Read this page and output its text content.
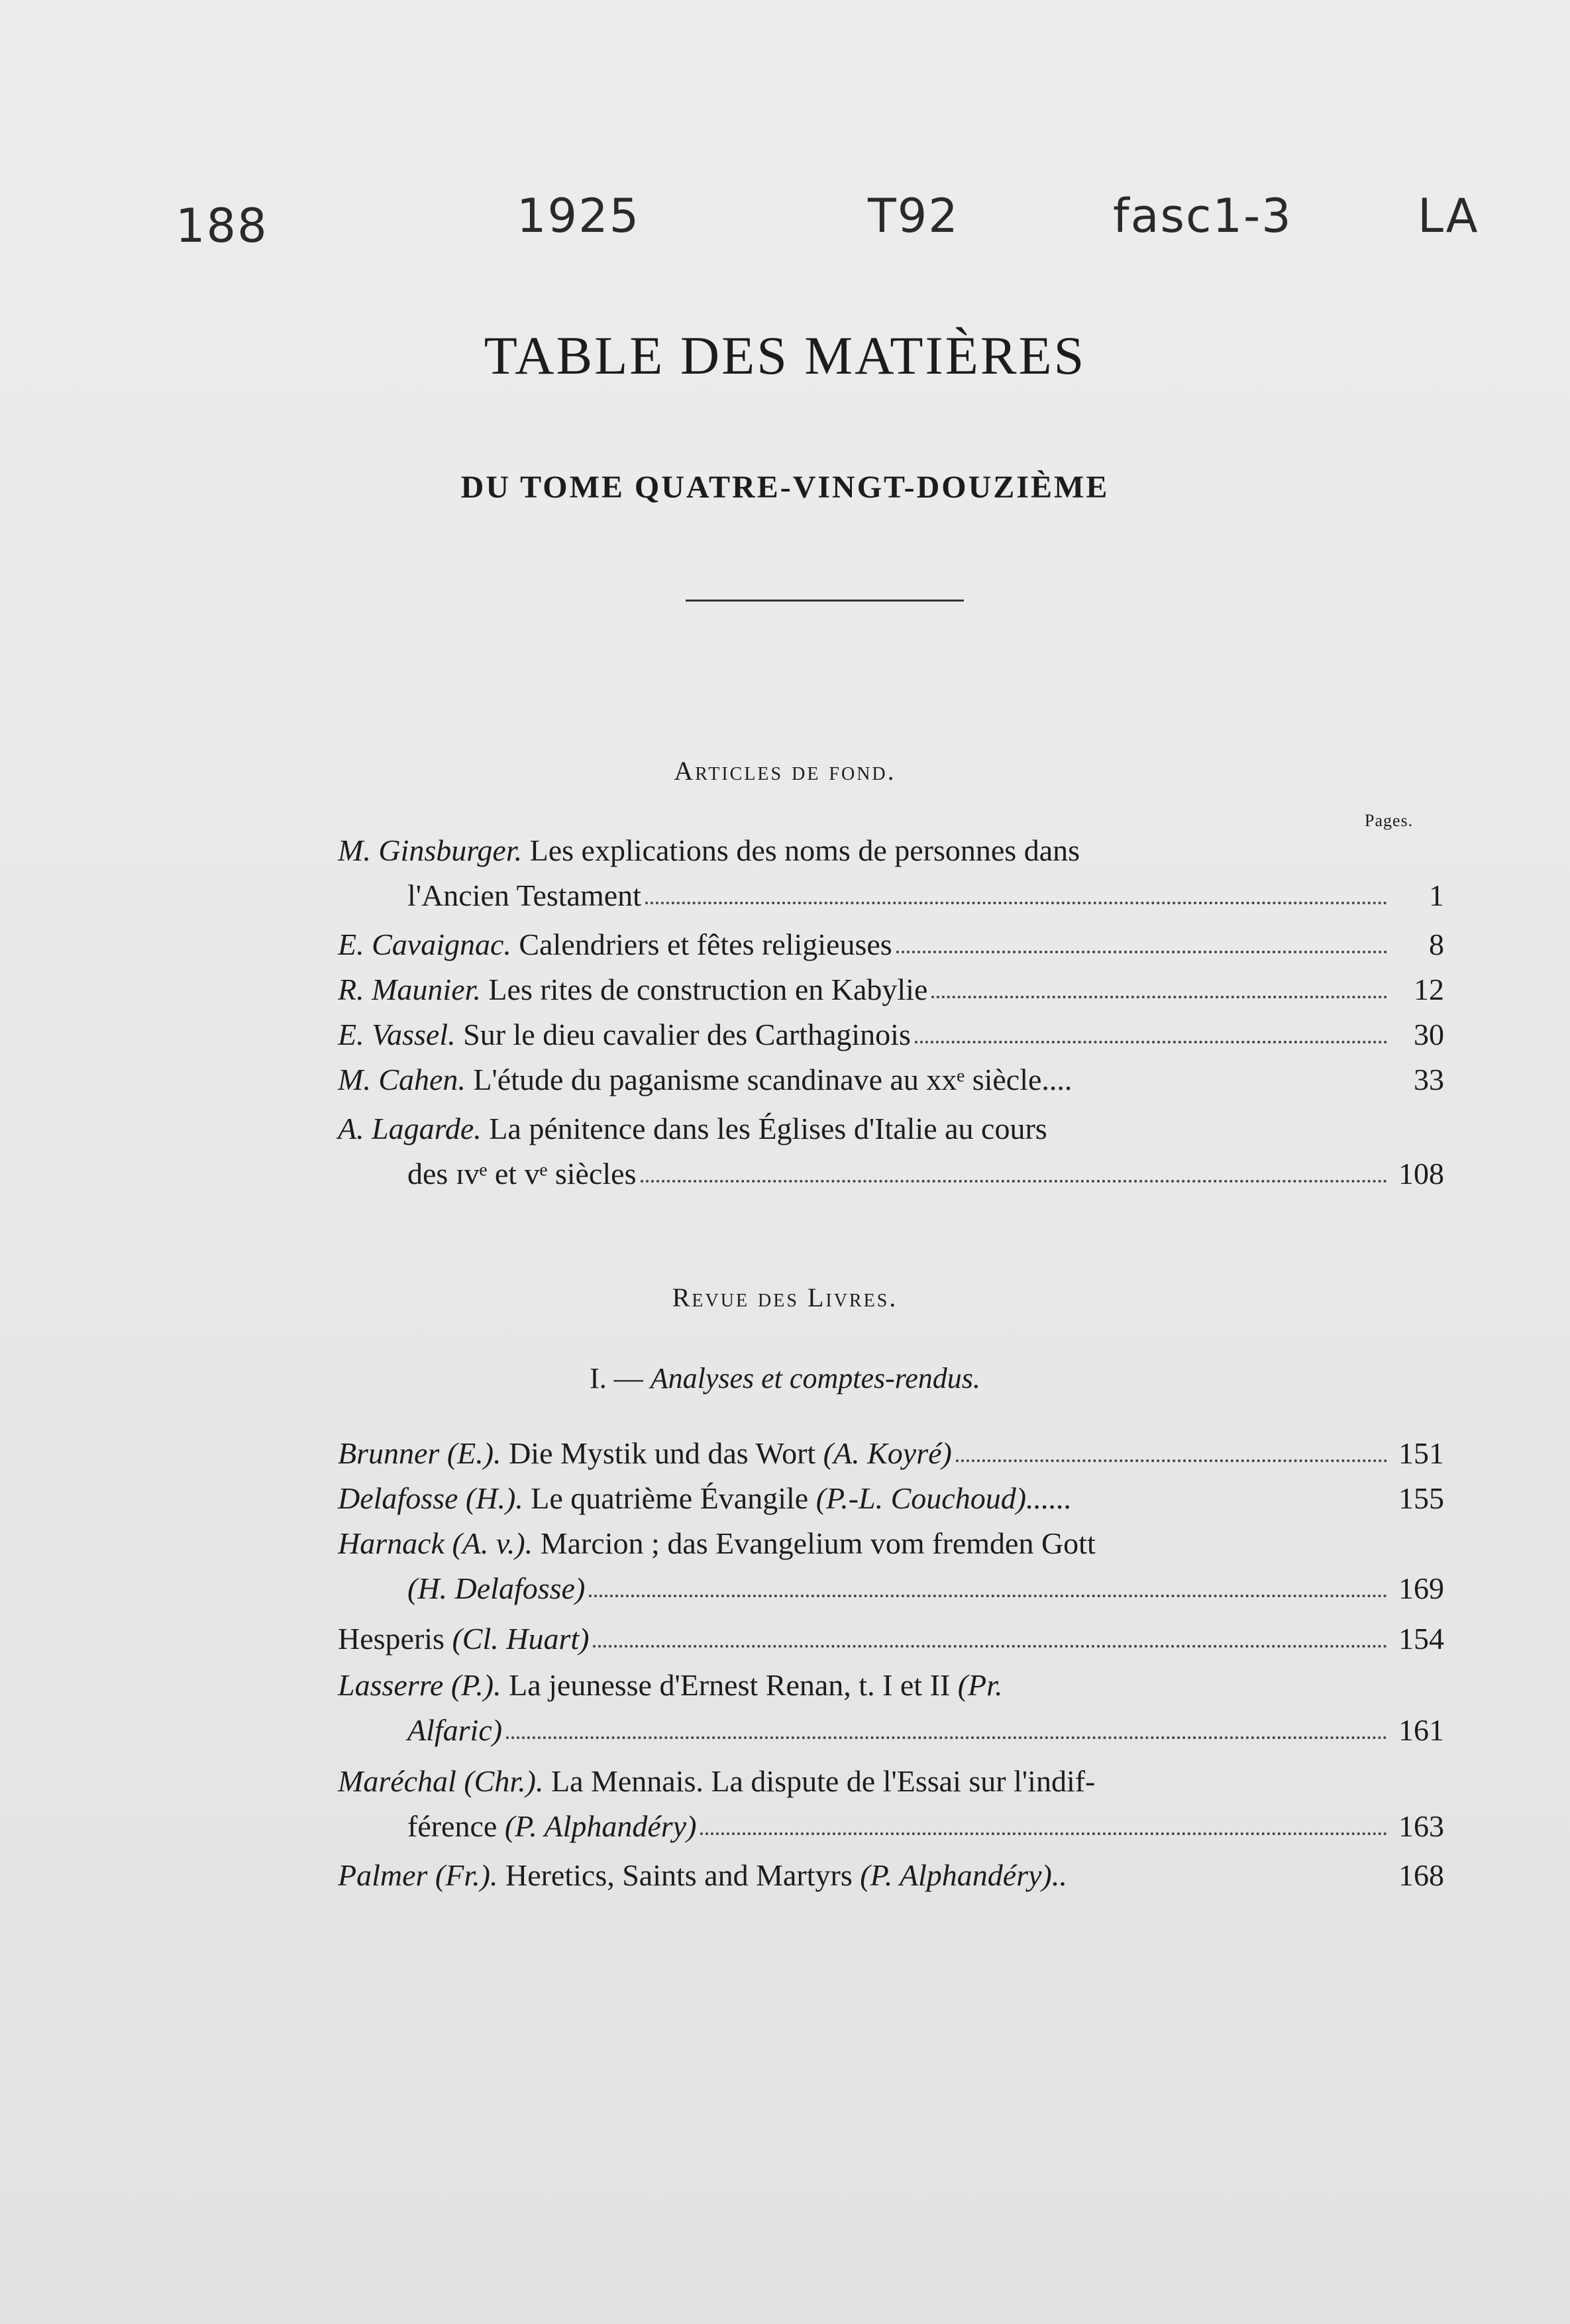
188	1925	T92	fasc1-3	LA
TABLE DES MATIÈRES
DU TOME QUATRE-VINGT-DOUZIÈME
Articles de fond.
Pages.
M. Ginsburger.
Les explications des noms de personnes dans
l'Ancien Testament	1
E. Cavaignac.
Calendriers et fêtes religieuses	8
R. Maunier.
Les rites de construction en Kabylie	12
E. Vassel.
Sur le dieu cavalier des Carthaginois	30
M. Cahen.
L'étude du paganisme scandinave au xxᵉ siècle....	33
A. Lagarde.
La pénitence dans les Églises d'Italie au cours
des ɪᴠᵉ et ᴠᵉ siècles	108
Revue des Livres.
I. — Analyses et comptes-rendus.
Brunner (E.).
Die Mystik und das Wort
(A. Koyré)	151
Delafosse (H.).
Le quatrième Évangile
(P.-L. Couchoud)......	155
Harnack (A. v.).
Marcion ; das Evangelium vom fremden Gott
(H. Delafosse)	169
Hesperis
(Cl. Huart)	154
Lasserre (P.).
La jeunesse d'Ernest Renan, t. I et II
(Pr.
Alfaric)	161
Maréchal (Chr.).
La Mennais. La dispute de l'Essai sur l'indif-
férence
(P. Alphandéry)	163
Palmer (Fr.).
Heretics, Saints and Martyrs
(P. Alphandéry)..	168
